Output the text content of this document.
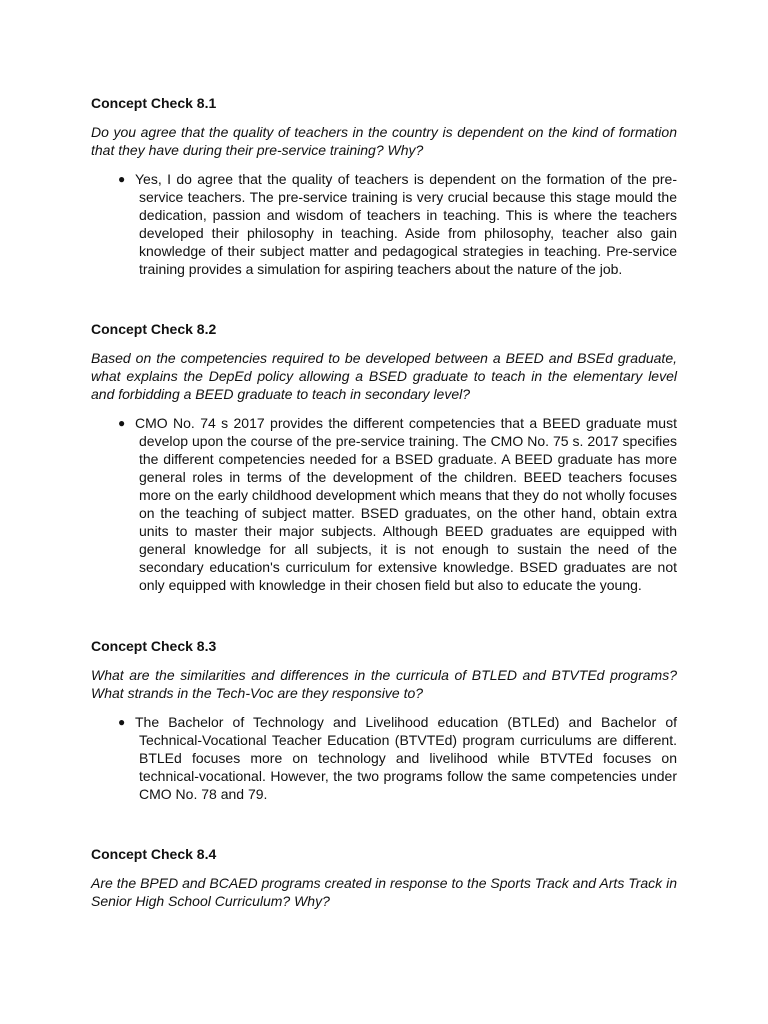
Concept Check 8.1

Do you agree that the quality of teachers in the country is dependent on the kind of formation that they have during their pre-service training? Why?

● Yes, I do agree that the quality of teachers is dependent on the formation of the pre-service teachers. The pre-service training is very crucial because this stage mould the dedication, passion and wisdom of teachers in teaching. This is where the teachers developed their philosophy in teaching. Aside from philosophy, teacher also gain knowledge of their subject matter and pedagogical strategies in teaching. Pre-service training provides a simulation for aspiring teachers about the nature of the job.
Concept Check 8.2

Based on the competencies required to be developed between a BEED and BSEd graduate, what explains the DepEd policy allowing a BSED graduate to teach in the elementary level and forbidding a BEED graduate to teach in secondary level?

● CMO No. 74 s 2017 provides the different competencies that a BEED graduate must develop upon the course of the pre-service training. The CMO No. 75 s. 2017 specifies the different competencies needed for a BSED graduate. A BEED graduate has more general roles in terms of the development of the children. BEED teachers focuses more on the early childhood development which means that they do not wholly focuses on the teaching of subject matter. BSED graduates, on the other hand, obtain extra units to master their major subjects. Although BEED graduates are equipped with general knowledge for all subjects, it is not enough to sustain the need of the secondary education's curriculum for extensive knowledge. BSED graduates are not only equipped with knowledge in their chosen field but also to educate the young.
Concept Check 8.3

What are the similarities and differences in the curricula of BTLED and BTVTEd programs? What strands in the Tech-Voc are they responsive to?

● The Bachelor of Technology and Livelihood education (BTLEd) and Bachelor of Technical-Vocational Teacher Education (BTVTEd) program curriculums are different. BTLEd focuses more on technology and livelihood while BTVTEd focuses on technical-vocational. However, the two programs follow the same competencies under CMO No. 78 and 79.
Concept Check 8.4

Are the BPED and BCAED programs created in response to the Sports Track and Arts Track in Senior High School Curriculum? Why?
